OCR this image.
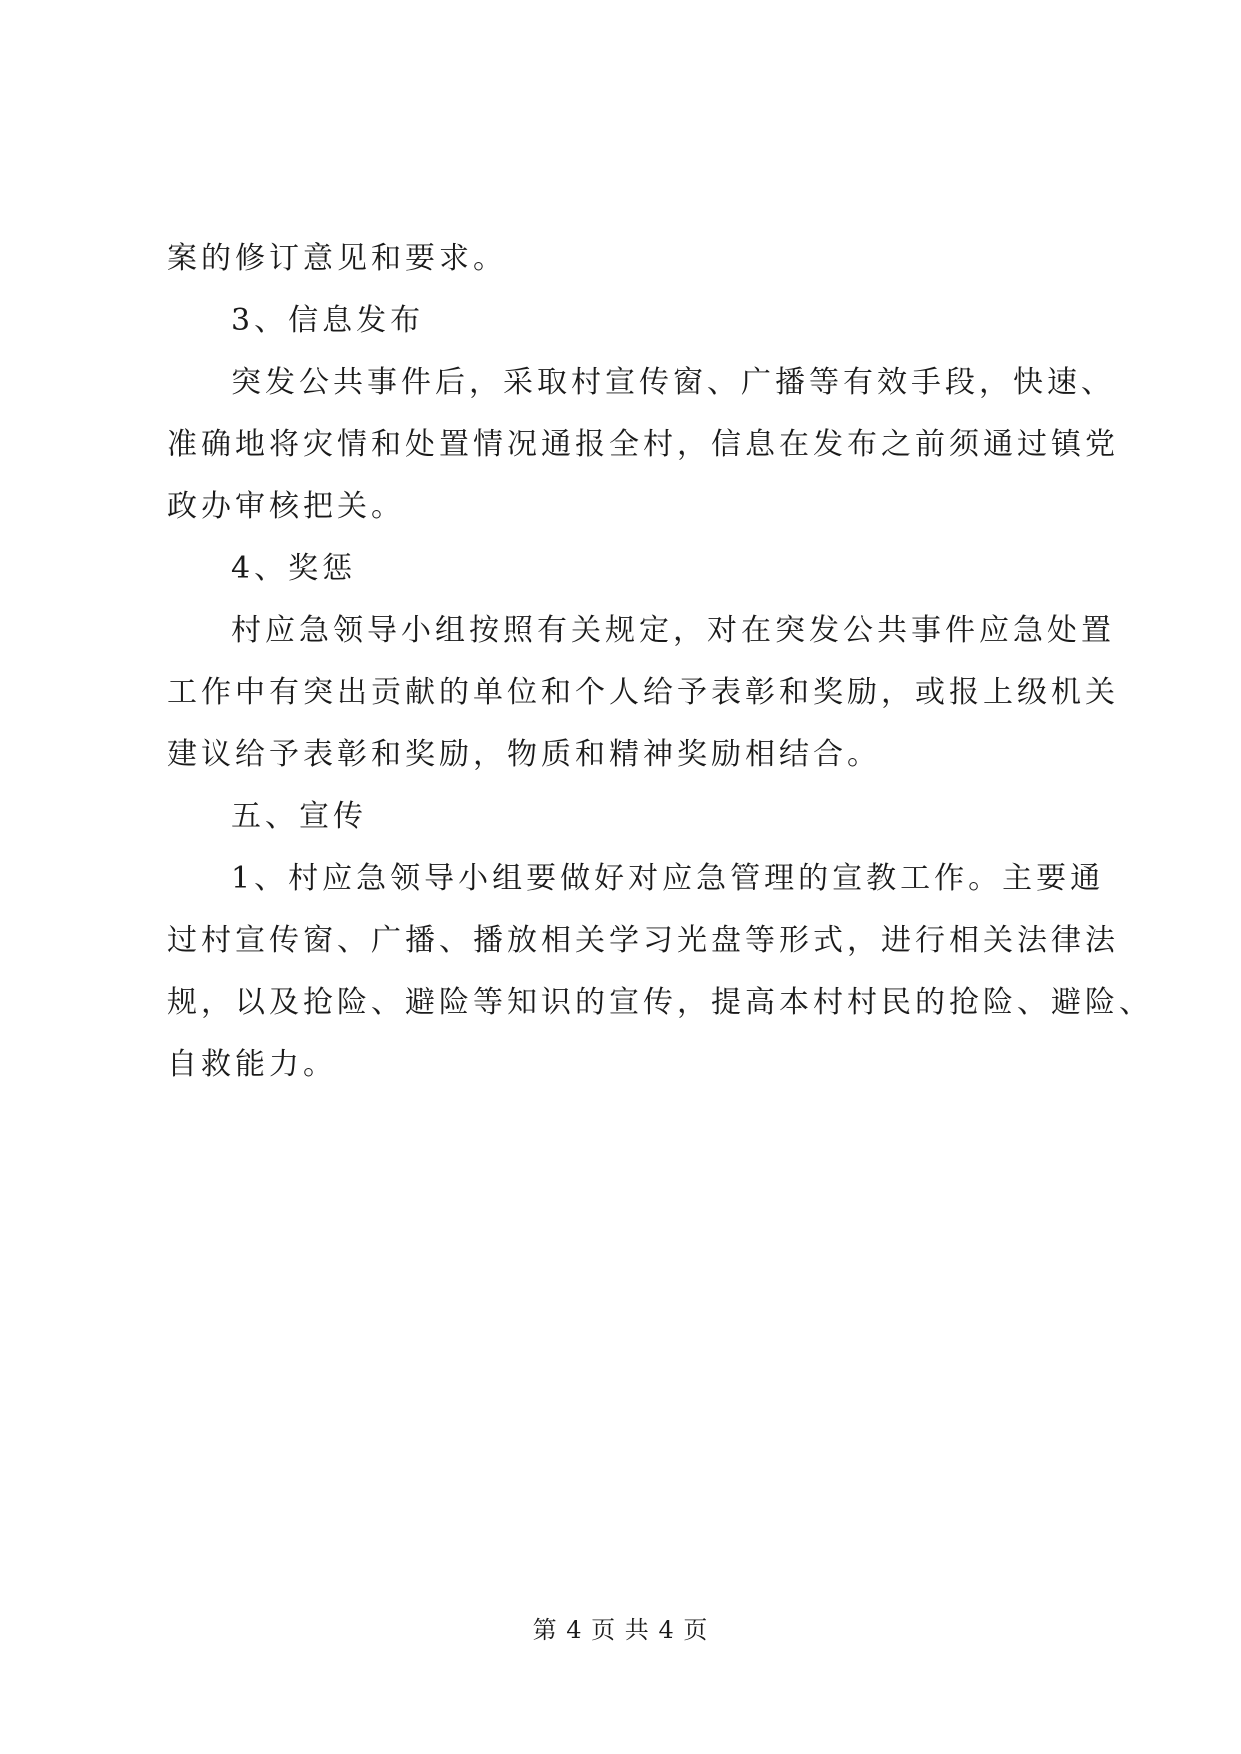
案的修订意见和要求。

3、信息发布

突发公共事件后，采取村宣传窗、广播等有效手段，快速、
准确地将灾情和处置情况通报全村，信息在发布之前须通过镇党
政办审核把关。

4、奖惩

村应急领导小组按照有关规定，对在突发公共事件应急处置
工作中有突出贡献的单位和个人给予表彰和奖励，或报上级机关
建议给予表彰和奖励，物质和精神奖励相结合。

五、宣传

1、村应急领导小组要做好对应急管理的宣教工作。主要通
过村宣传窗、广播、播放相关学习光盘等形式，进行相关法律法
规，以及抢险、避险等知识的宣传，提高本村村民的抢险、避险、
自救能力。

第 4 页 共 4 页
